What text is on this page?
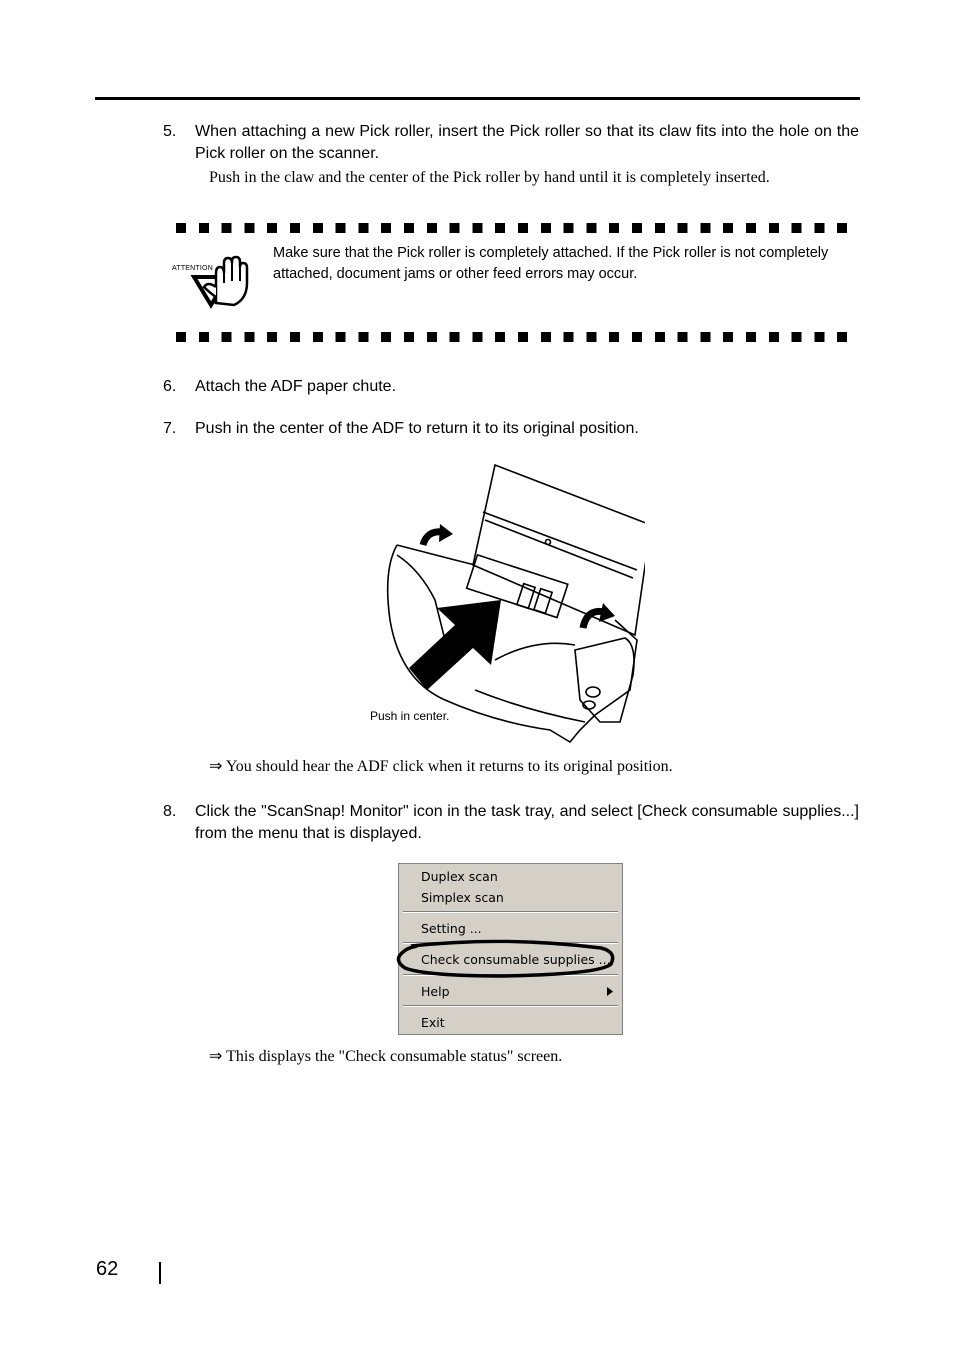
5. When attaching a new Pick roller, insert the Pick roller so that its claw fits into the hole on the Pick roller on the scanner.
Push in the claw and the center of the Pick roller by hand until it is completely inserted.
ATTENTION
Make sure that the Pick roller is completely attached. If the Pick roller is not completely attached, document jams or other feed errors may occur.
6. Attach the ADF paper chute.
7. Push in the center of the ADF to return it to its original position.
Push in center.
⇒ You should hear the ADF click when it returns to its original position.
8. Click the "ScanSnap! Monitor" icon in the task tray, and select [Check consumable supplies...] from the menu that is displayed.
Duplex scan
Simplex scan
Setting ...
Check consumable supplies ...
Help
Exit
⇒ This displays the "Check consumable status" screen.
62
